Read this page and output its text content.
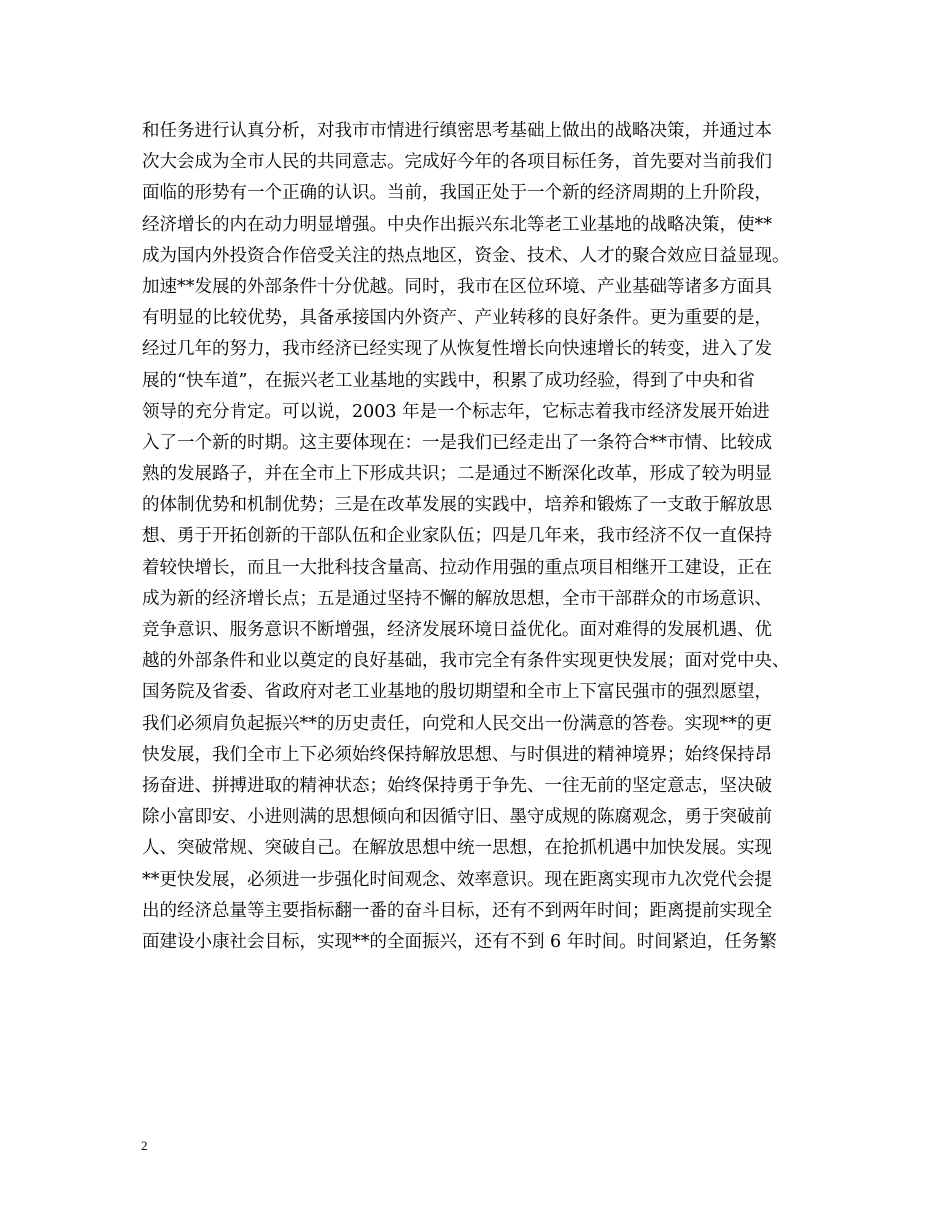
和任务进行认真分析，对我市市情进行缜密思考基础上做出的战略决策，并通过本
次大会成为全市人民的共同意志。完成好今年的各项目标任务，首先要对当前我们
面临的形势有一个正确的认识。当前，我国正处于一个新的经济周期的上升阶段，
经济增长的内在动力明显增强。中央作出振兴东北等老工业基地的战略决策，使**
成为国内外投资合作倍受关注的热点地区，资金、技术、人才的聚合效应日益显现。
加速**发展的外部条件十分优越。同时，我市在区位环境、产业基础等诸多方面具
有明显的比较优势，具备承接国内外资产、产业转移的良好条件。更为重要的是，
经过几年的努力，我市经济已经实现了从恢复性增长向快速增长的转变，进入了发
展的“快车道”，在振兴老工业基地的实践中，积累了成功经验，得到了中央和省
领导的充分肯定。可以说，2003 年是一个标志年，它标志着我市经济发展开始进
入了一个新的时期。这主要体现在：一是我们已经走出了一条符合**市情、比较成
熟的发展路子，并在全市上下形成共识；二是通过不断深化改革，形成了较为明显
的体制优势和机制优势；三是在改革发展的实践中，培养和锻炼了一支敢于解放思
想、勇于开拓创新的干部队伍和企业家队伍；四是几年来，我市经济不仅一直保持
着较快增长，而且一大批科技含量高、拉动作用强的重点项目相继开工建设，正在
成为新的经济增长点；五是通过坚持不懈的解放思想，全市干部群众的市场意识、
竞争意识、服务意识不断增强，经济发展环境日益优化。面对难得的发展机遇、优
越的外部条件和业以奠定的良好基础，我市完全有条件实现更快发展；面对党中央、
国务院及省委、省政府对老工业基地的殷切期望和全市上下富民强市的强烈愿望，
我们必须肩负起振兴**的历史责任，向党和人民交出一份满意的答卷。实现**的更
快发展，我们全市上下必须始终保持解放思想、与时俱进的精神境界；始终保持昂
扬奋进、拼搏进取的精神状态；始终保持勇于争先、一往无前的坚定意志，坚决破
除小富即安、小进则满的思想倾向和因循守旧、墨守成规的陈腐观念，勇于突破前
人、突破常规、突破自己。在解放思想中统一思想，在抢抓机遇中加快发展。实现
**更快发展，必须进一步强化时间观念、效率意识。现在距离实现市九次党代会提
出的经济总量等主要指标翻一番的奋斗目标，还有不到两年时间；距离提前实现全
面建设小康社会目标，实现**的全面振兴，还有不到 6 年时间。时间紧迫，任务繁
2
